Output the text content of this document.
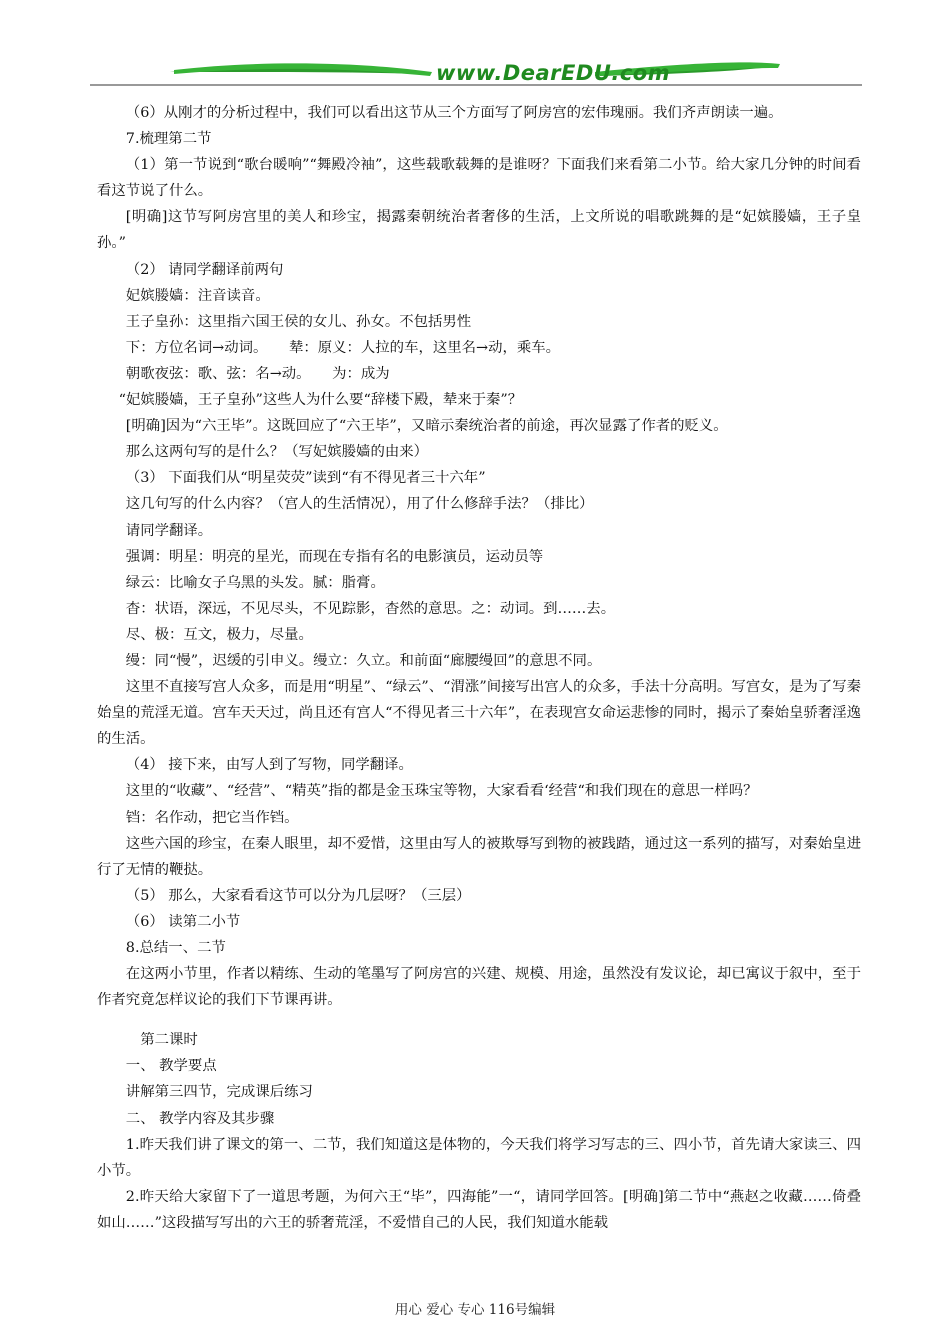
www.DearEDU.com

（6）从刚才的分析过程中，我们可以看出这节从三个方面写了阿房宫的宏伟瑰丽。我们齐声朗读一遍。

7.梳理第二节

（1）第一节说到“歌台暖响”“舞殿冷袖”，这些载歌载舞的是谁呀？下面我们来看第二小节。给大家几分钟的时间看看这节说了什么。

[明确]这节写阿房宫里的美人和珍宝，揭露秦朝统治者奢侈的生活，上文所说的唱歌跳舞的是“妃嫔媵嫱，王子皇孙。”

（2） 请同学翻译前两句

妃嫔媵嫱：注音读音。

王子皇孙：这里指六国王侯的女儿、孙女。不包括男性

下：方位名词→动词。　　辇：原义：人拉的车，这里名→动，乘车。

朝歌夜弦：歌、弦：名→动。　　为：成为

“妃嫔媵嫱，王子皇孙”这些人为什么要“辞楼下殿，辇来于秦”？

[明确]因为“六王毕”。这既回应了“六王毕”，又暗示秦统治者的前途，再次显露了作者的贬义。

那么这两句写的是什么？（写妃嫔媵嫱的由来）

（3） 下面我们从“明星荧荧”读到“有不得见者三十六年”

这几句写的什么内容？（宫人的生活情况），用了什么修辞手法？（排比）

请同学翻译。

强调：明星：明亮的星光，而现在专指有名的电影演员，运动员等

绿云：比喻女子乌黑的头发。腻：脂膏。

杳：状语，深远，不见尽头，不见踪影，杳然的意思。之：动词。到……去。

尽、极：互文，极力，尽量。

缦：同“慢”，迟缓的引申义。缦立：久立。和前面“廊腰缦回”的意思不同。

这里不直接写宫人众多，而是用“明星”、“绿云”、“渭涨”间接写出宫人的众多，手法十分高明。写宫女，是为了写秦始皇的荒淫无道。宫车天天过，尚且还有宫人“不得见者三十六年”，在表现宫女命运悲惨的同时，揭示了秦始皇骄奢淫逸的生活。

（4） 接下来，由写人到了写物，同学翻译。

这里的“收藏”、“经营”、“精英”指的都是金玉珠宝等物，大家看看‘经营“和我们现在的意思一样吗？

铛：名作动，把它当作铛。

这些六国的珍宝，在秦人眼里，却不爱惜，这里由写人的被欺辱写到物的被践踏，通过这一系列的描写，对秦始皇进行了无情的鞭挞。

（5） 那么，大家看看这节可以分为几层呀？（三层）

（6） 读第二小节

8.总结一、二节

在这两小节里，作者以精练、生动的笔墨写了阿房宫的兴建、规模、用途，虽然没有发议论，却已寓议于叙中，至于作者究竟怎样议论的我们下节课再讲。

第二课时

一、 教学要点

讲解第三四节，完成课后练习

二、 教学内容及其步骤

1.昨天我们讲了课文的第一、二节，我们知道这是体物的，今天我们将学习写志的三、四小节，首先请大家读三、四小节。

2.昨天给大家留下了一道思考题，为何六王“毕”，四海能”一“，请同学回答。[明确]第二节中“燕赵之收藏……倚叠如山……”这段描写写出的六王的骄奢荒淫，不爱惜自己的人民，我们知道水能载

用心 爱心 专心 116号编辑
